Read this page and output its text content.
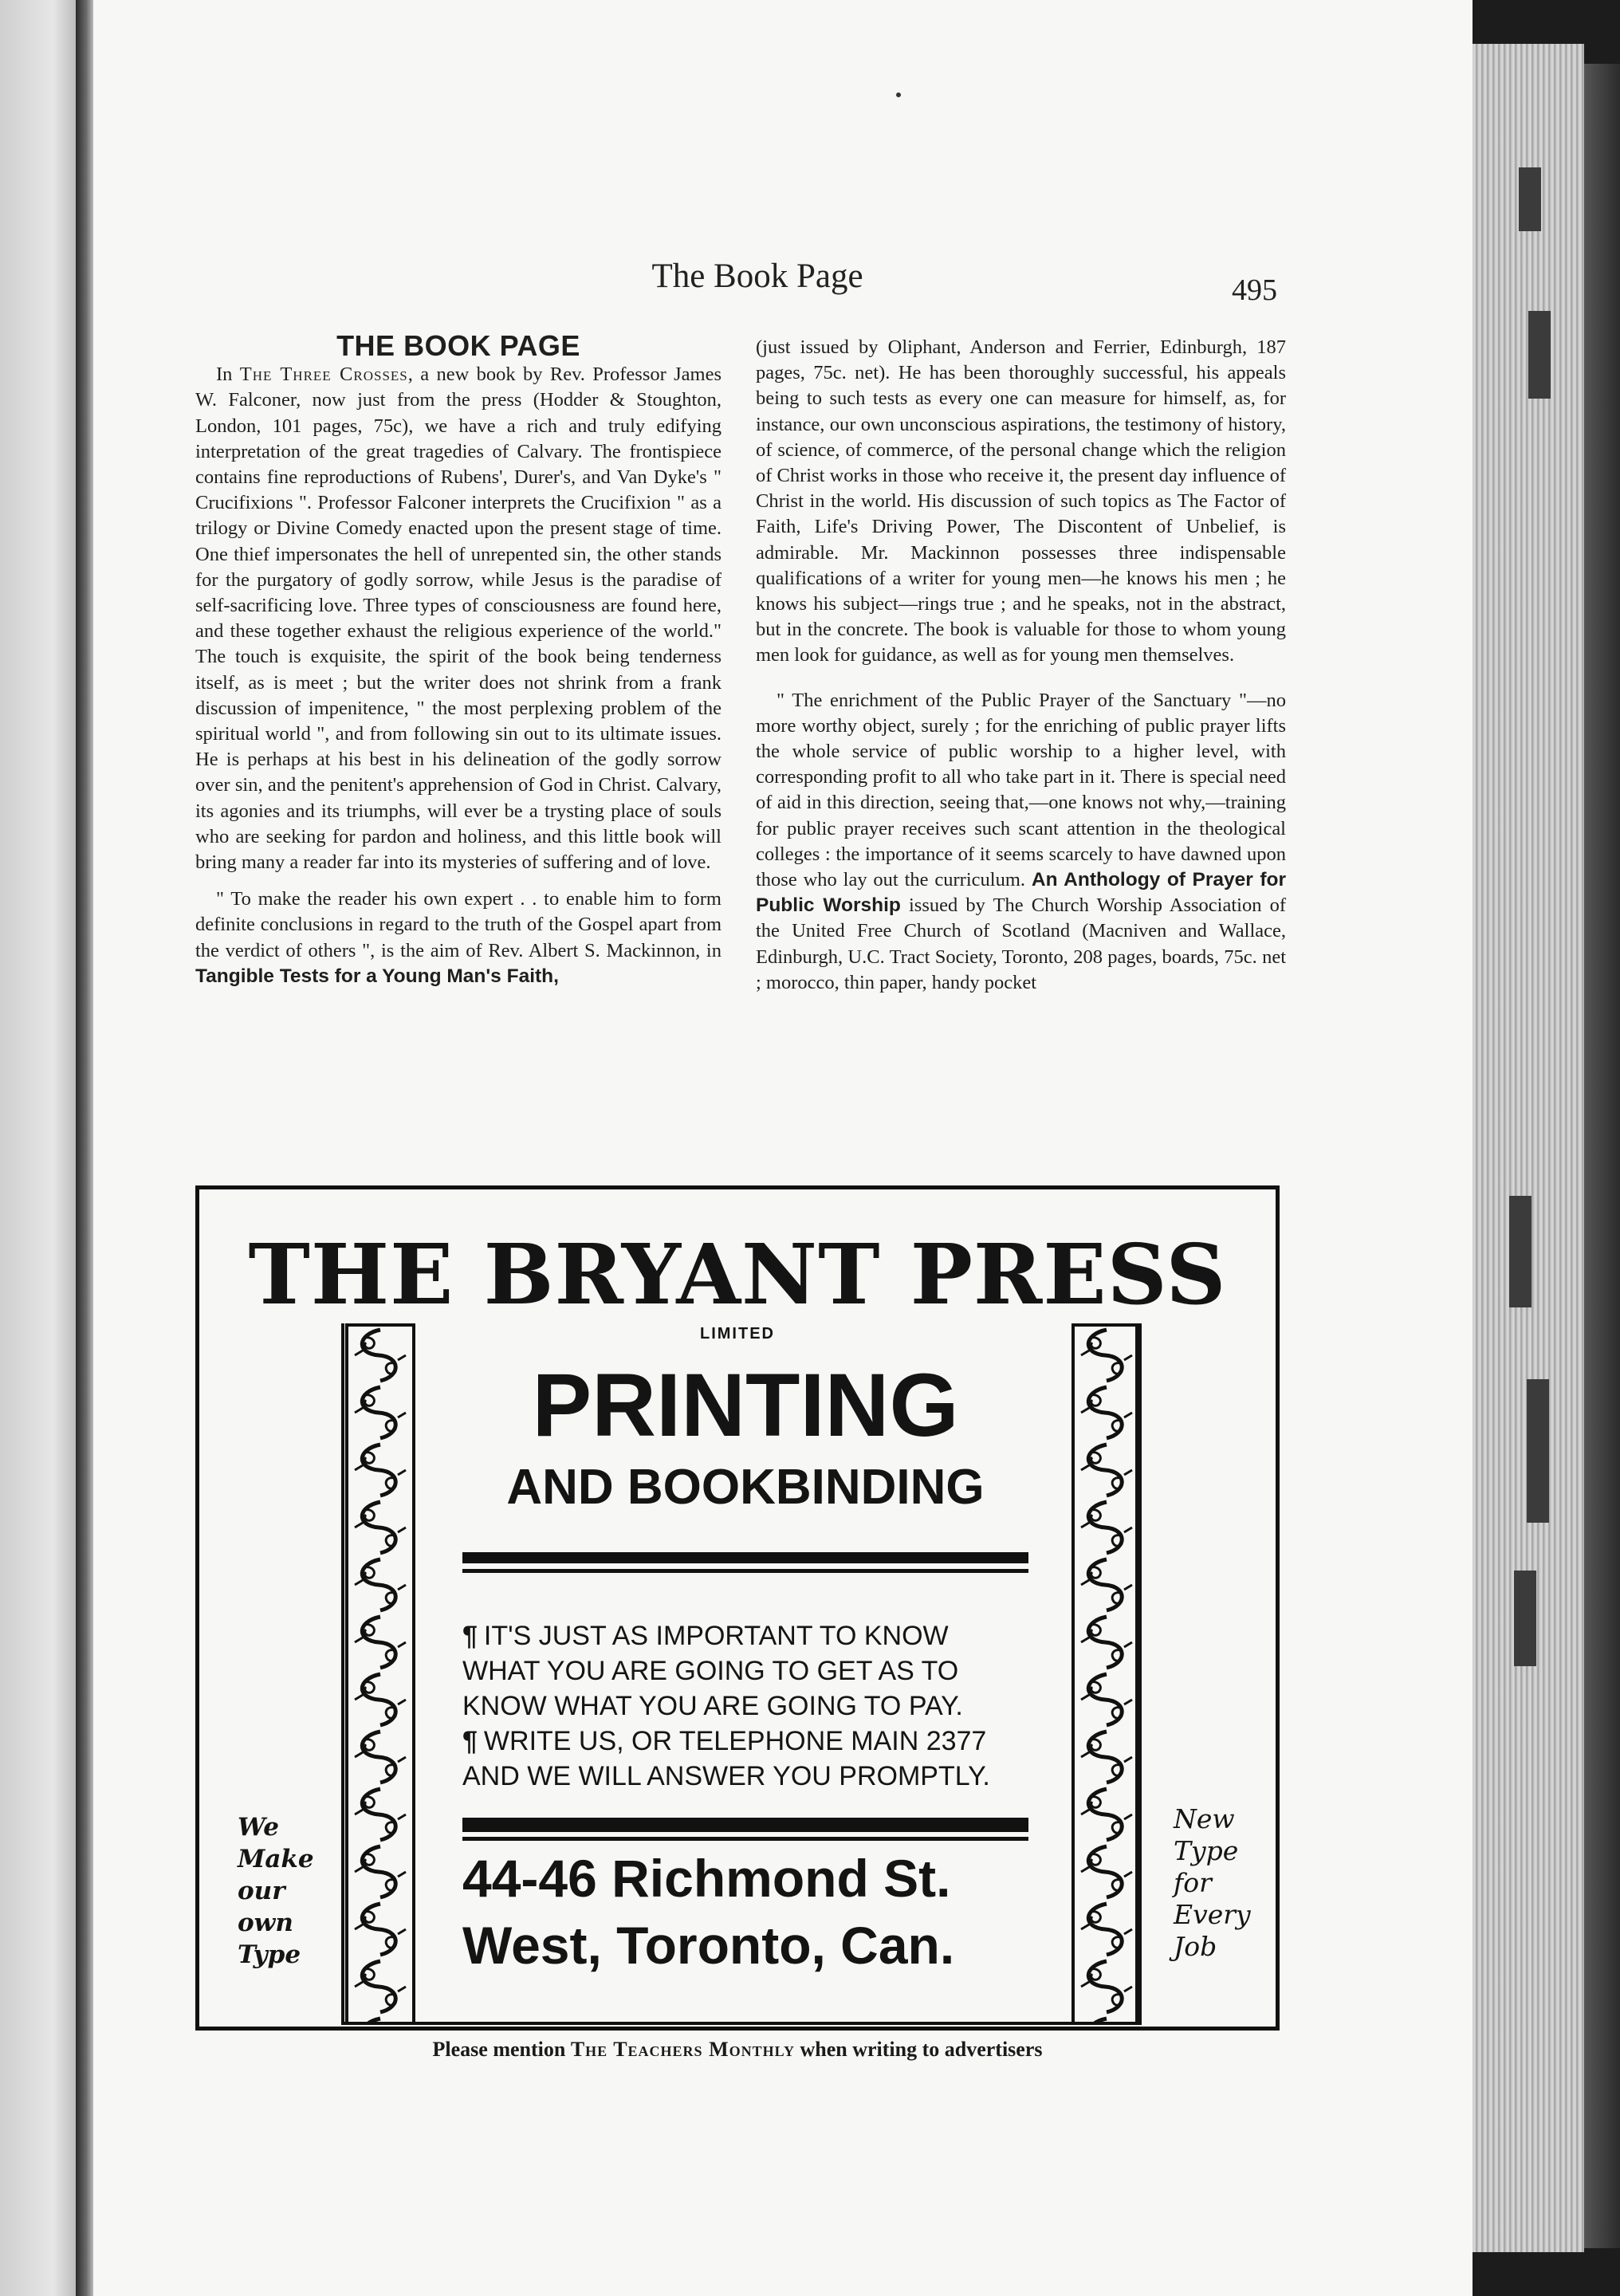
The Book Page	495
THE BOOK PAGE

In The Three Crosses, a new book by Rev. Professor James W. Falconer, now just from the press (Hodder & Stoughton, London, 101 pages, 75c), we have a rich and truly edifying interpretation of the great tragedies of Calvary. The frontispiece contains fine reproductions of Rubens', Durer's, and Van Dyke's " Crucifixions ". Professor Falconer interprets the Crucifixion " as a trilogy or Divine Comedy enacted upon the present stage of time. One thief impersonates the hell of unrepented sin, the other stands for the purgatory of godly sorrow, while Jesus is the paradise of self-sacrificing love. Three types of consciousness are found here, and these together exhaust the religious experience of the world." The touch is exquisite, the spirit of the book being tenderness itself, as is meet ; but the writer does not shrink from a frank discussion of impenitence, " the most perplexing problem of the spiritual world ", and from following sin out to its ultimate issues. He is perhaps at his best in his delineation of the godly sorrow over sin, and the penitent's apprehension of God in Christ. Calvary, its agonies and its triumphs, will ever be a trysting place of souls who are seeking for pardon and holiness, and this little book will bring many a reader far into its mysteries of suffering and of love.

" To make the reader his own expert . . to enable him to form definite conclusions in regard to the truth of the Gospel apart from the verdict of others ", is the aim of Rev. Albert S. Mackinnon, in Tangible Tests for a Young Man's Faith,

(just issued by Oliphant, Anderson and Ferrier, Edinburgh, 187 pages, 75c. net). He has been thoroughly successful, his appeals being to such tests as every one can measure for himself, as, for instance, our own unconscious aspirations, the testimony of history, of science, of commerce, of the personal change which the religion of Christ works in those who receive it, the present day influence of Christ in the world. His discussion of such topics as The Factor of Faith, Life's Driving Power, The Discontent of Unbelief, is admirable. Mr. Mackinnon possesses three indispensable qualifications of a writer for young men—he knows his men ; he knows his subject—rings true ; and he speaks, not in the abstract, but in the concrete. The book is valuable for those to whom young men look for guidance, as well as for young men themselves.

" The enrichment of the Public Prayer of the Sanctuary "—no more worthy object, surely ; for the enriching of public prayer lifts the whole service of public worship to a higher level, with corresponding profit to all who take part in it. There is special need of aid in this direction, seeing that,—one knows not why,—training for public prayer receives such scant attention in the theological colleges : the importance of it seems scarcely to have dawned upon those who lay out the curriculum. An Anthology of Prayer for Public Worship issued by The Church Worship Association of the United Free Church of Scotland (Macniven and Wallace, Edinburgh, U.C. Tract Society, Toronto, 208 pages, boards, 75c. net ; morocco, thin paper, handy pocket

THE BRYANT PRESS
LIMITED
PRINTING
AND BOOKBINDING
¶ IT'S JUST AS IMPORTANT TO KNOW
WHAT YOU ARE GOING TO GET AS TO
KNOW WHAT YOU ARE GOING TO PAY.
¶ WRITE US, OR TELEPHONE MAIN 2377
AND WE WILL ANSWER YOU PROMPTLY.
44-46 Richmond St.
West, Toronto, Can.
We
Make
our
own
Type
New
Type
for
Every
Job
Please mention The Teachers Monthly when writing to advertisers
